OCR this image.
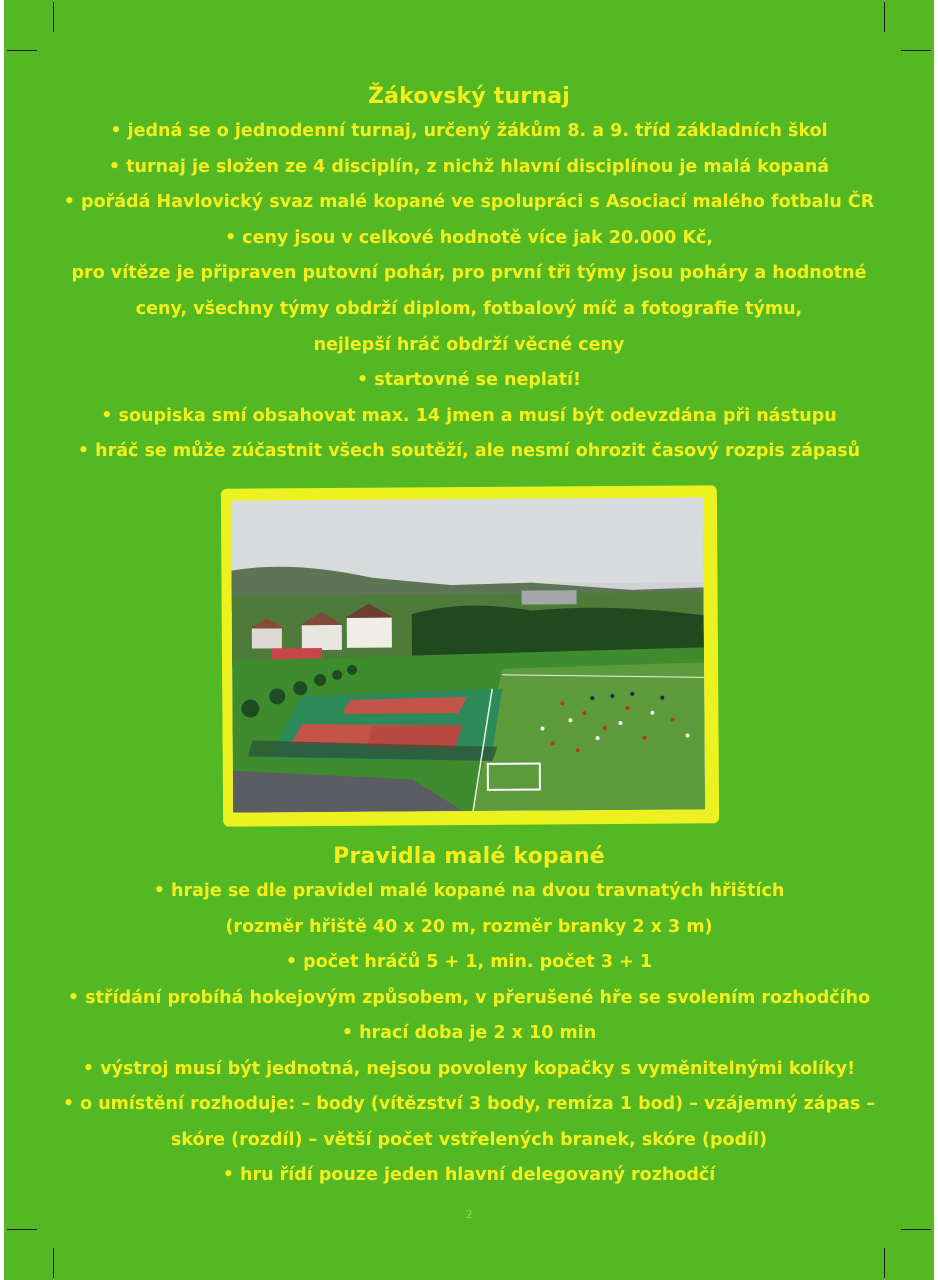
Žákovský turnaj
• jedná se o jednodenní turnaj, určený žákům 8. a 9. tříd základních škol
• turnaj je složen ze 4 disciplín, z nichž hlavní disciplínou je malá kopaná
• pořádá Havlovický svaz malé kopané ve spolupráci s Asociací malého fotbalu ČR
• ceny jsou v celkové hodnotě více jak 20.000 Kč,
pro vítěze je připraven putovní pohár, pro první tři týmy jsou poháry a hodnotné
ceny, všechny týmy obdrží diplom, fotbalový míč a fotografie týmu,
nejlepší hráč obdrží věcné ceny
• startovné se neplatí!
• soupiska smí obsahovat max. 14 jmen a musí být odevzdána při nástupu
• hráč se může zúčastnit všech soutěží, ale nesmí ohrozit časový rozpis zápasů
Pravidla malé kopané
• hraje se dle pravidel malé kopané na dvou travnatých hřištích
(rozměr hřiště 40 x 20 m, rozměr branky 2 x 3 m)
• počet hráčů 5 + 1, min. počet 3 + 1
• střídání probíhá hokejovým způsobem, v přerušené hře se svolením rozhodčího
• hrací doba je 2 x 10 min
• výstroj musí být jednotná, nejsou povoleny kopačky s vyměnitelnými kolíky!
• o umístění rozhoduje: – body (vítězství 3 body, remíza 1 bod) – vzájemný zápas –
skóre (rozdíl) – větší počet vstřelených branek, skóre (podíl)
• hru řídí pouze jeden hlavní delegovaný rozhodčí
2
